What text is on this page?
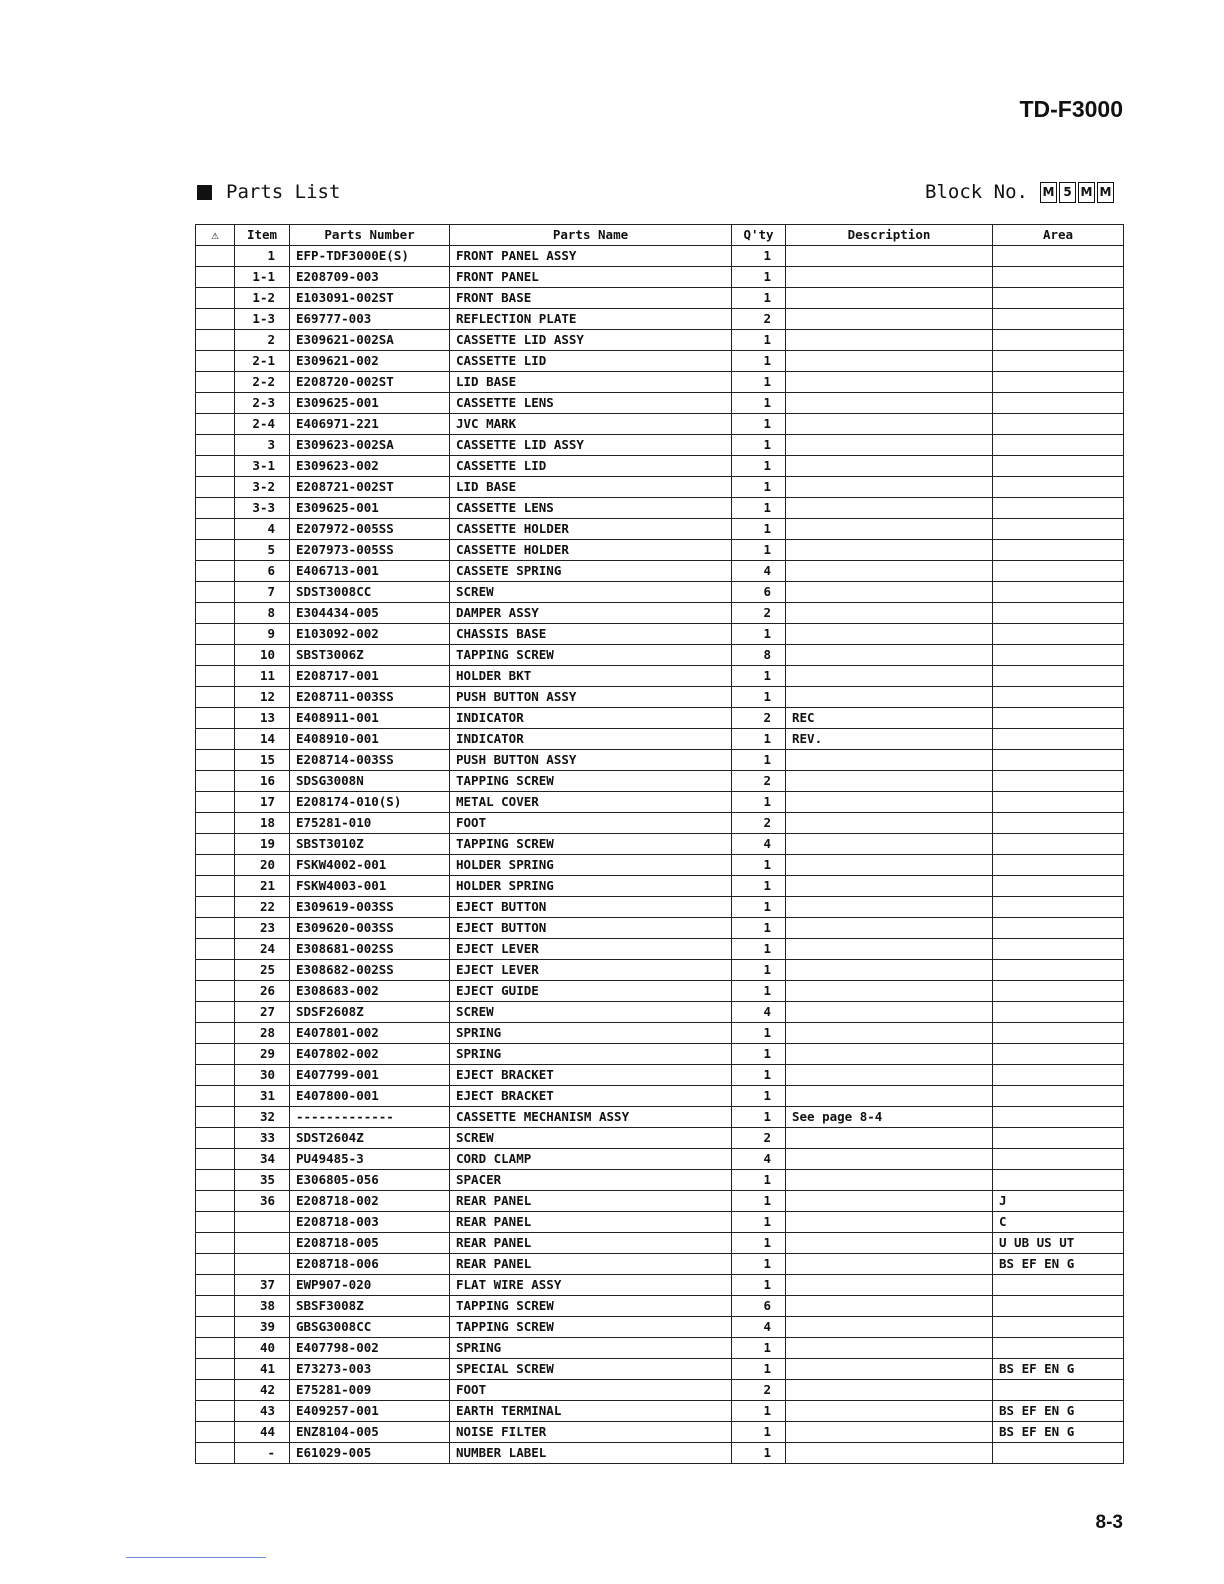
TD-F3000
Parts List	Block No. M 5 M M
⚠	Item	Parts Number	Parts Name	Q'ty	Description	Area
	1	EFP-TDF3000E(S)	FRONT PANEL ASSY	1		
	1-1	E208709-003	FRONT PANEL	1		
	1-2	E103091-002ST	FRONT BASE	1		
	1-3	E69777-003	REFLECTION PLATE	2		
	2	E309621-002SA	CASSETTE LID ASSY	1		
	2-1	E309621-002	CASSETTE LID	1		
	2-2	E208720-002ST	LID BASE	1		
	2-3	E309625-001	CASSETTE LENS	1		
	2-4	E406971-221	JVC MARK	1		
	3	E309623-002SA	CASSETTE LID ASSY	1		
	3-1	E309623-002	CASSETTE LID	1		
	3-2	E208721-002ST	LID BASE	1		
	3-3	E309625-001	CASSETTE LENS	1		
	4	E207972-005SS	CASSETTE HOLDER	1		
	5	E207973-005SS	CASSETTE HOLDER	1		
	6	E406713-001	CASSETE SPRING	4		
	7	SDST3008CC	SCREW	6		
	8	E304434-005	DAMPER ASSY	2		
	9	E103092-002	CHASSIS BASE	1		
	10	SBST3006Z	TAPPING SCREW	8		
	11	E208717-001	HOLDER BKT	1		
	12	E208711-003SS	PUSH BUTTON ASSY	1		
	13	E408911-001	INDICATOR	2	REC	
	14	E408910-001	INDICATOR	1	REV.	
	15	E208714-003SS	PUSH BUTTON ASSY	1		
	16	SDSG3008N	TAPPING SCREW	2		
	17	E208174-010(S)	METAL COVER	1		
	18	E75281-010	FOOT	2		
	19	SBST3010Z	TAPPING SCREW	4		
	20	FSKW4002-001	HOLDER SPRING	1		
	21	FSKW4003-001	HOLDER SPRING	1		
	22	E309619-003SS	EJECT BUTTON	1		
	23	E309620-003SS	EJECT BUTTON	1		
	24	E308681-002SS	EJECT LEVER	1		
	25	E308682-002SS	EJECT LEVER	1		
	26	E308683-002	EJECT GUIDE	1		
	27	SDSF2608Z	SCREW	4		
	28	E407801-002	SPRING	1		
	29	E407802-002	SPRING	1		
	30	E407799-001	EJECT BRACKET	1		
	31	E407800-001	EJECT BRACKET	1		
	32	-------------	CASSETTE MECHANISM ASSY	1	See page 8-4	
	33	SDST2604Z	SCREW	2		
	34	PU49485-3	CORD CLAMP	4		
	35	E306805-056	SPACER	1		
	36	E208718-002	REAR PANEL	1		J
		E208718-003	REAR PANEL	1		C
		E208718-005	REAR PANEL	1		U UB US UT
		E208718-006	REAR PANEL	1		BS EF EN G
	37	EWP907-020	FLAT WIRE ASSY	1		
	38	SBSF3008Z	TAPPING SCREW	6		
	39	GBSG3008CC	TAPPING SCREW	4		
	40	E407798-002	SPRING	1		
	41	E73273-003	SPECIAL SCREW	1		BS EF EN G
	42	E75281-009	FOOT	2		
	43	E409257-001	EARTH TERMINAL	1		BS EF EN G
	44	ENZ8104-005	NOISE FILTER	1		BS EF EN G
	-	E61029-005	NUMBER LABEL	1		
8-3
